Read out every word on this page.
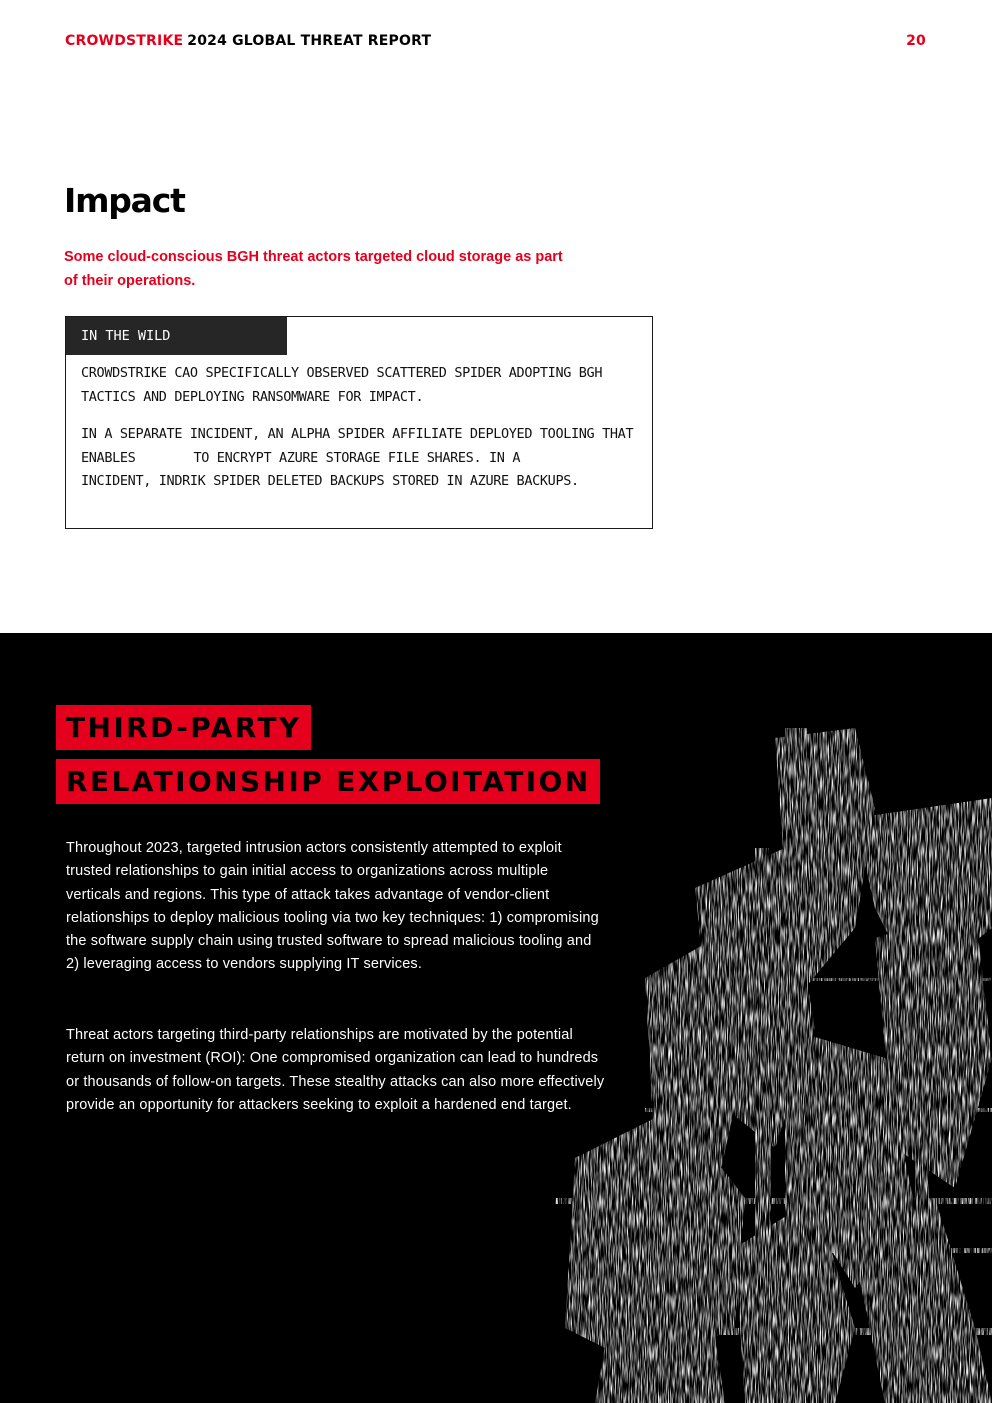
CROWDSTRIKE 2024 GLOBAL THREAT REPORT	20
Impact

Some cloud-conscious BGH threat actors targeted cloud storage as part of their operations.

IN THE WILD

CROWDSTRIKE CAO SPECIFICALLY OBSERVED SCATTERED SPIDER ADOPTING BGH TACTICS AND DEPLOYING RANSOMWARE FOR IMPACT.

IN A SEPARATE INCIDENT, AN ALPHA SPIDER AFFILIATE DEPLOYED TOOLING THAT ENABLES	TO ENCRYPT AZURE STORAGE FILE SHARES. IN AINCIDENT, INDRIK SPIDER DELETED BACKUPS STORED IN AZURE BACKUPS.

THIRD-PARTY
RELATIONSHIP EXPLOITATION

Throughout 2023, targeted intrusion actors consistently attempted to exploit trusted relationships to gain initial access to organizations across multiple verticals and regions. This type of attack takes advantage of vendor-client relationships to deploy malicious tooling via two key techniques: 1) compromising the software supply chain using trusted software to spread malicious tooling and 2) leveraging access to vendors supplying IT services.

Threat actors targeting third-party relationships are motivated by the potential return on investment (ROI): One compromised organization can lead to hundreds or thousands of follow-on targets. These stealthy attacks can also more effectively provide an opportunity for attackers seeking to exploit a hardened end target.
